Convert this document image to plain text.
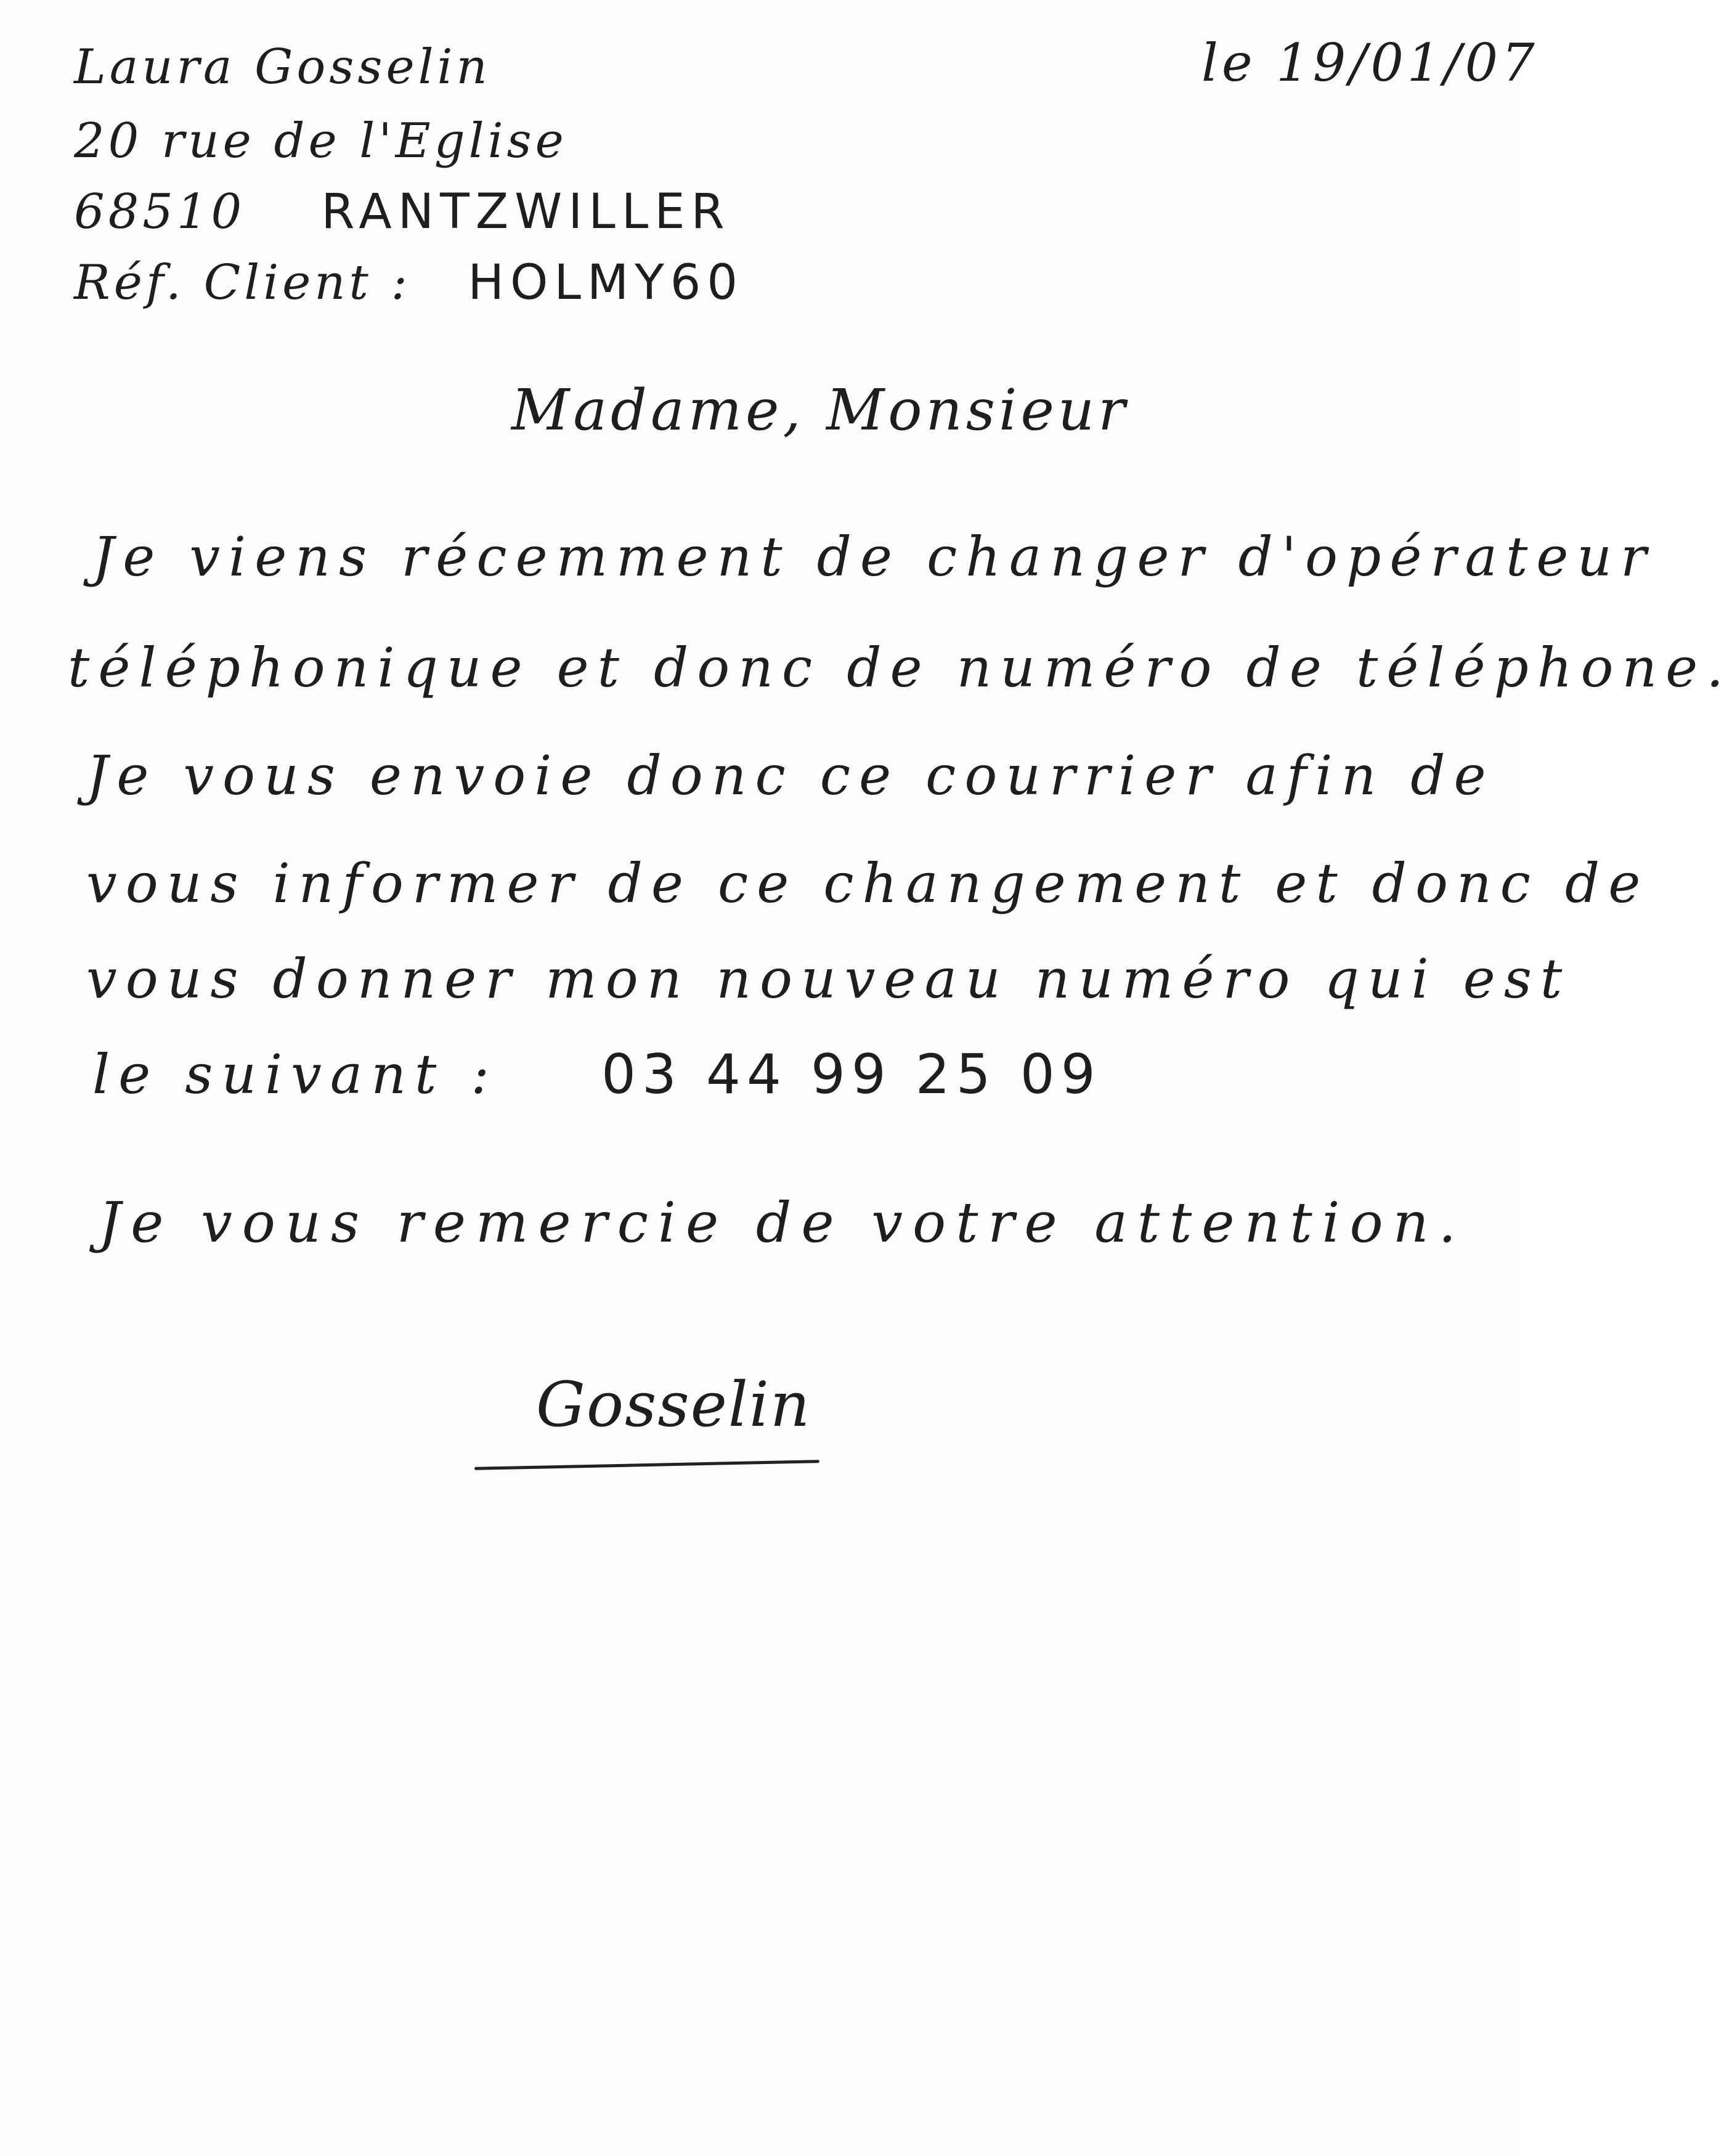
Laura Gosselin
20 rue de l'Eglise
68510 RANTZWILLER
Réf. Client : HOLMY60
le 19/01/07
Madame, Monsieur
Je viens récemment de changer d'opérateur
téléphonique et donc de numéro de téléphone.
Je vous envoie donc ce courrier afin de
vous informer de ce changement et donc de
vous donner mon nouveau numéro qui est
le suivant : 03 44 99 25 09
Je vous remercie de votre attention.
Gosselin
